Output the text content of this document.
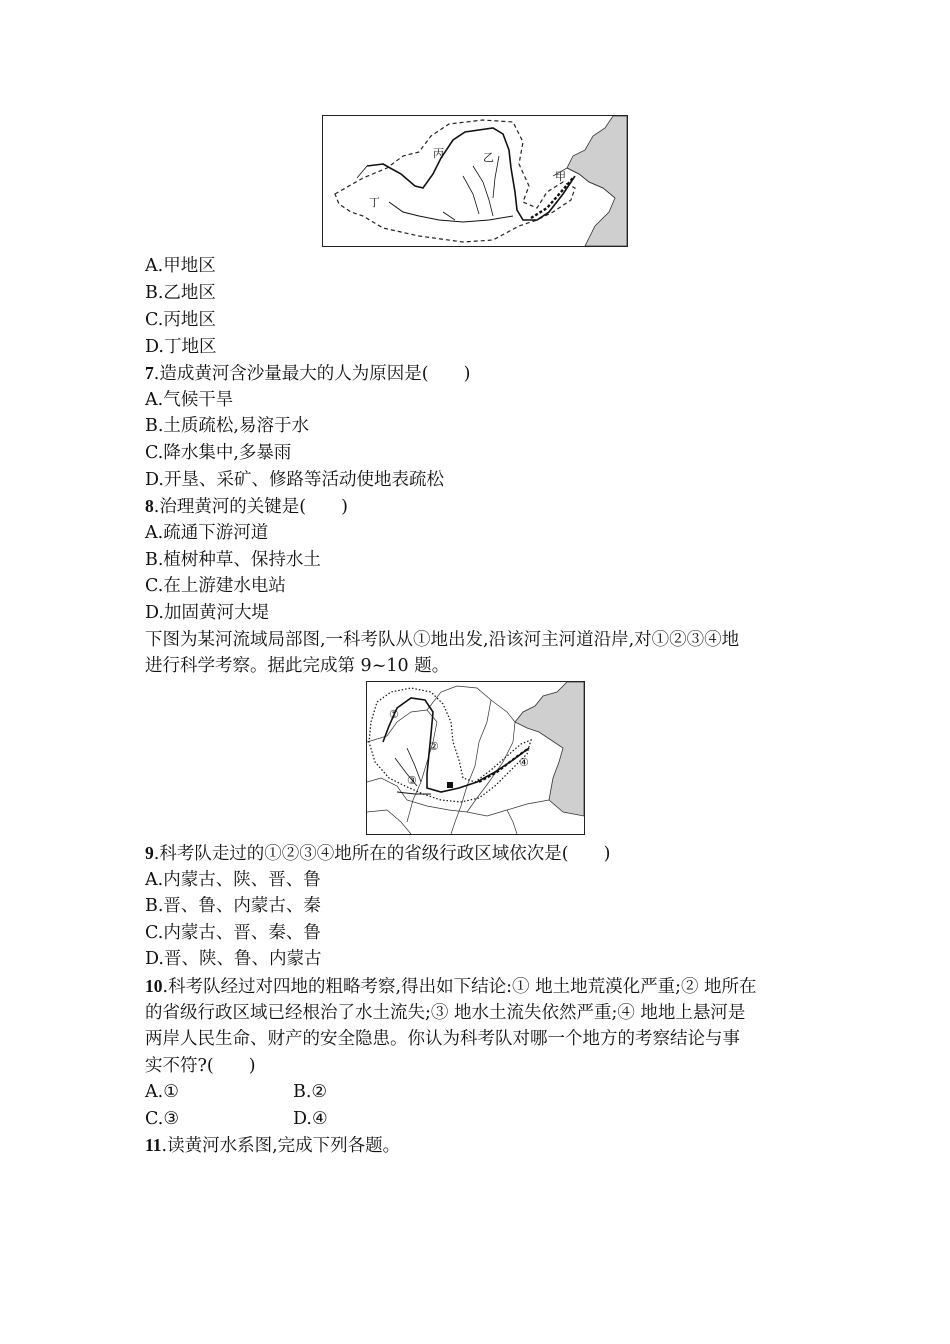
丙	乙
甲
丁
A.甲地区
B.乙地区
C.丙地区
D.丁地区
7.造成黄河含沙量最大的人为原因是(　　)
A.气候干旱
B.土质疏松,易溶于水
C.降水集中,多暴雨
D.开垦、采矿、修路等活动使地表疏松
8.治理黄河的关键是(　　)
A.疏通下游河道
B.植树种草、保持水土
C.在上游建水电站
D.加固黄河大堤
下图为某河流域局部图,一科考队从①地出发,沿该河主河道沿岸,对①②③④地
进行科学考察。据此完成第 9~10 题。
①
②
③
④
9.科考队走过的①②③④地所在的省级行政区域依次是(　　)
A.内蒙古、陕、晋、鲁
B.晋、鲁、内蒙古、秦
C.内蒙古、晋、秦、鲁
D.晋、陕、鲁、内蒙古
10.科考队经过对四地的粗略考察,得出如下结论:① 地土地荒漠化严重;② 地所在
的省级行政区域已经根治了水土流失;③ 地水土流失依然严重;④ 地地上悬河是
两岸人民生命、财产的安全隐患。你认为科考队对哪一个地方的考察结论与事
实不符?(　　)
A.①	B.②
C.③	D.④
11.读黄河水系图,完成下列各题。
